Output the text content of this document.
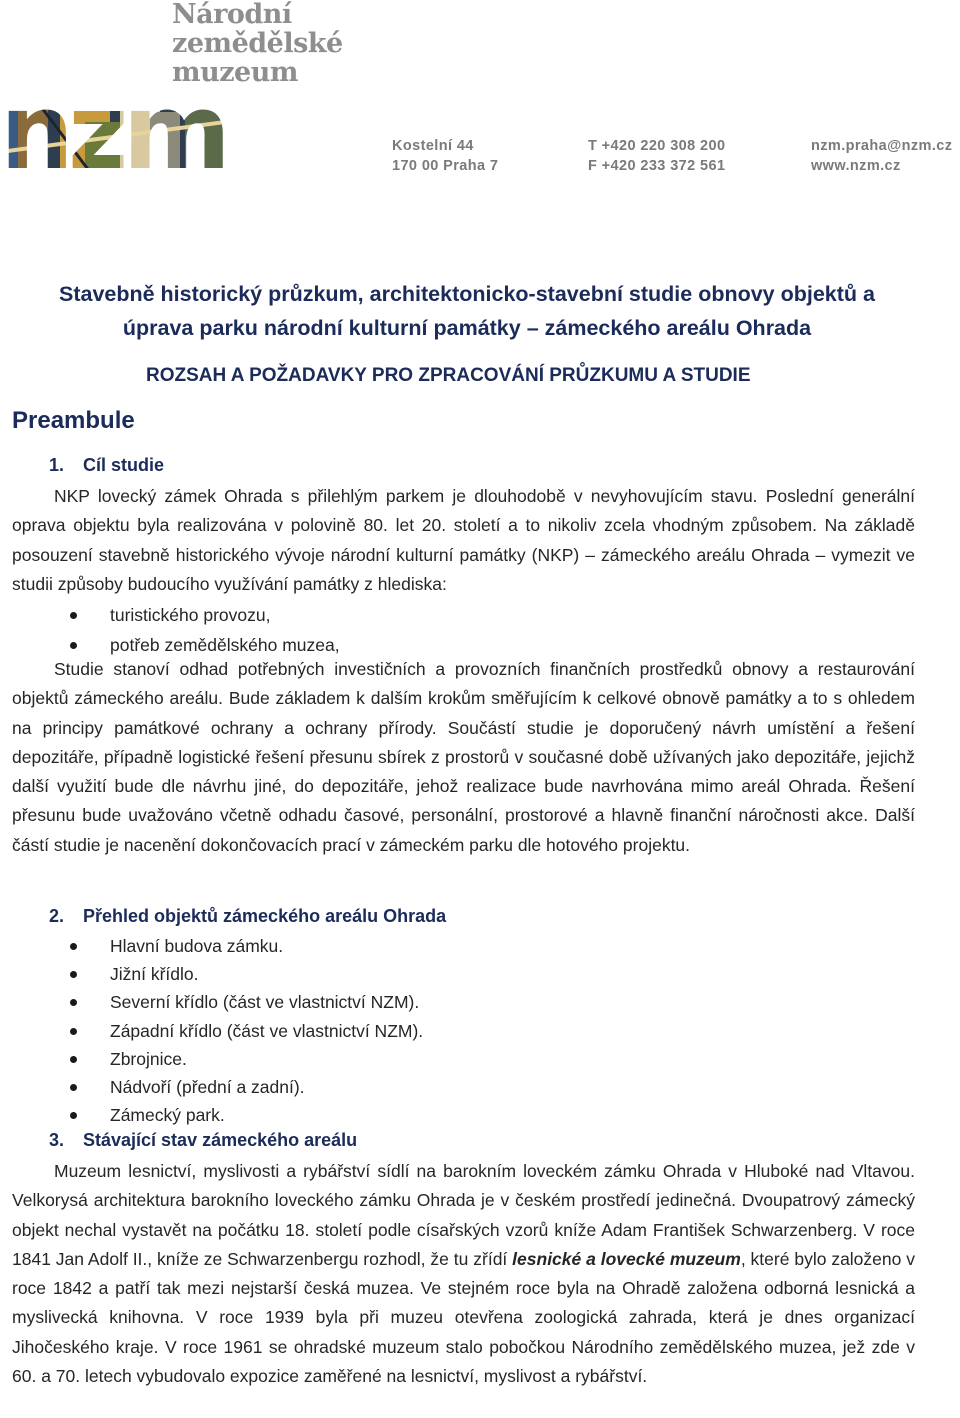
Národní
zemědělské
muzeum
Kostelní 44
170 00 Praha 7
T +420 220 308 200
F +420 233 372 561
nzm.praha@nzm.cz
www.nzm.cz
Stavebně historický průzkum, architektonicko-stavební studie obnovy objektů a
úprava parku národní kulturní památky – zámeckého areálu Ohrada
ROZSAH A POŽADAVKY PRO ZPRACOVÁNÍ PRŮZKUMU A STUDIE
Preambule
1. Cíl studie
NKP lovecký zámek Ohrada s přilehlým parkem je dlouhodobě v nevyhovujícím stavu. Poslední generální oprava objektu byla realizována v polovině 80. let 20. století a to nikoliv zcela vhodným způsobem. Na základě posouzení stavebně historického vývoje národní kulturní památky (NKP) – zámeckého areálu Ohrada – vymezit ve studii způsoby budoucího využívání památky z hlediska:
turistického provozu,
potřeb zemědělského muzea,
Studie stanoví odhad potřebných investičních a provozních finančních prostředků obnovy a restaurování objektů zámeckého areálu. Bude základem k dalším krokům směřujícím k celkové obnově památky a to s ohledem na principy památkové ochrany a ochrany přírody. Součástí studie je doporučený návrh umístění a řešení depozitáře, případně logistické řešení přesunu sbírek z prostorů v současné době užívaných jako depozitáře, jejichž další využití bude dle návrhu jiné, do depozitáře, jehož realizace bude navrhována mimo areál Ohrada. Řešení přesunu bude uvažováno včetně odhadu časové, personální, prostorové a hlavně finanční náročnosti akce. Další částí studie je nacenění dokončovacích prací v zámeckém parku dle hotového projektu.
2. Přehled objektů zámeckého areálu Ohrada
Hlavní budova zámku.
Jižní křídlo.
Severní křídlo (část ve vlastnictví NZM).
Západní křídlo (část ve vlastnictví NZM).
Zbrojnice.
Nádvoří (přední a zadní).
Zámecký park.
3. Stávající stav zámeckého areálu
Muzeum lesnictví, myslivosti a rybářství sídlí na barokním loveckém zámku Ohrada v Hluboké nad Vltavou. Velkorysá architektura barokního loveckého zámku Ohrada je v českém prostředí jedinečná. Dvoupatrový zámecký objekt nechal vystavět na počátku 18. století podle císařských vzorů kníže Adam František Schwarzenberg. V roce 1841 Jan Adolf II., kníže ze Schwarzenbergu rozhodl, že tu zřídí lesnické a lovecké muzeum, které bylo založeno v roce 1842 a patří tak mezi nejstarší česká muzea. Ve stejném roce byla na Ohradě založena odborná lesnická a myslivecká knihovna. V roce 1939 byla při muzeu otevřena zoologická zahrada, která je dnes organizací Jihočeského kraje. V roce 1961 se ohradské muzeum stalo pobočkou Národního zemědělského muzea, jež zde v 60. a 70. letech vybudovalo expozice zaměřené na lesnictví, myslivost a rybářství.
